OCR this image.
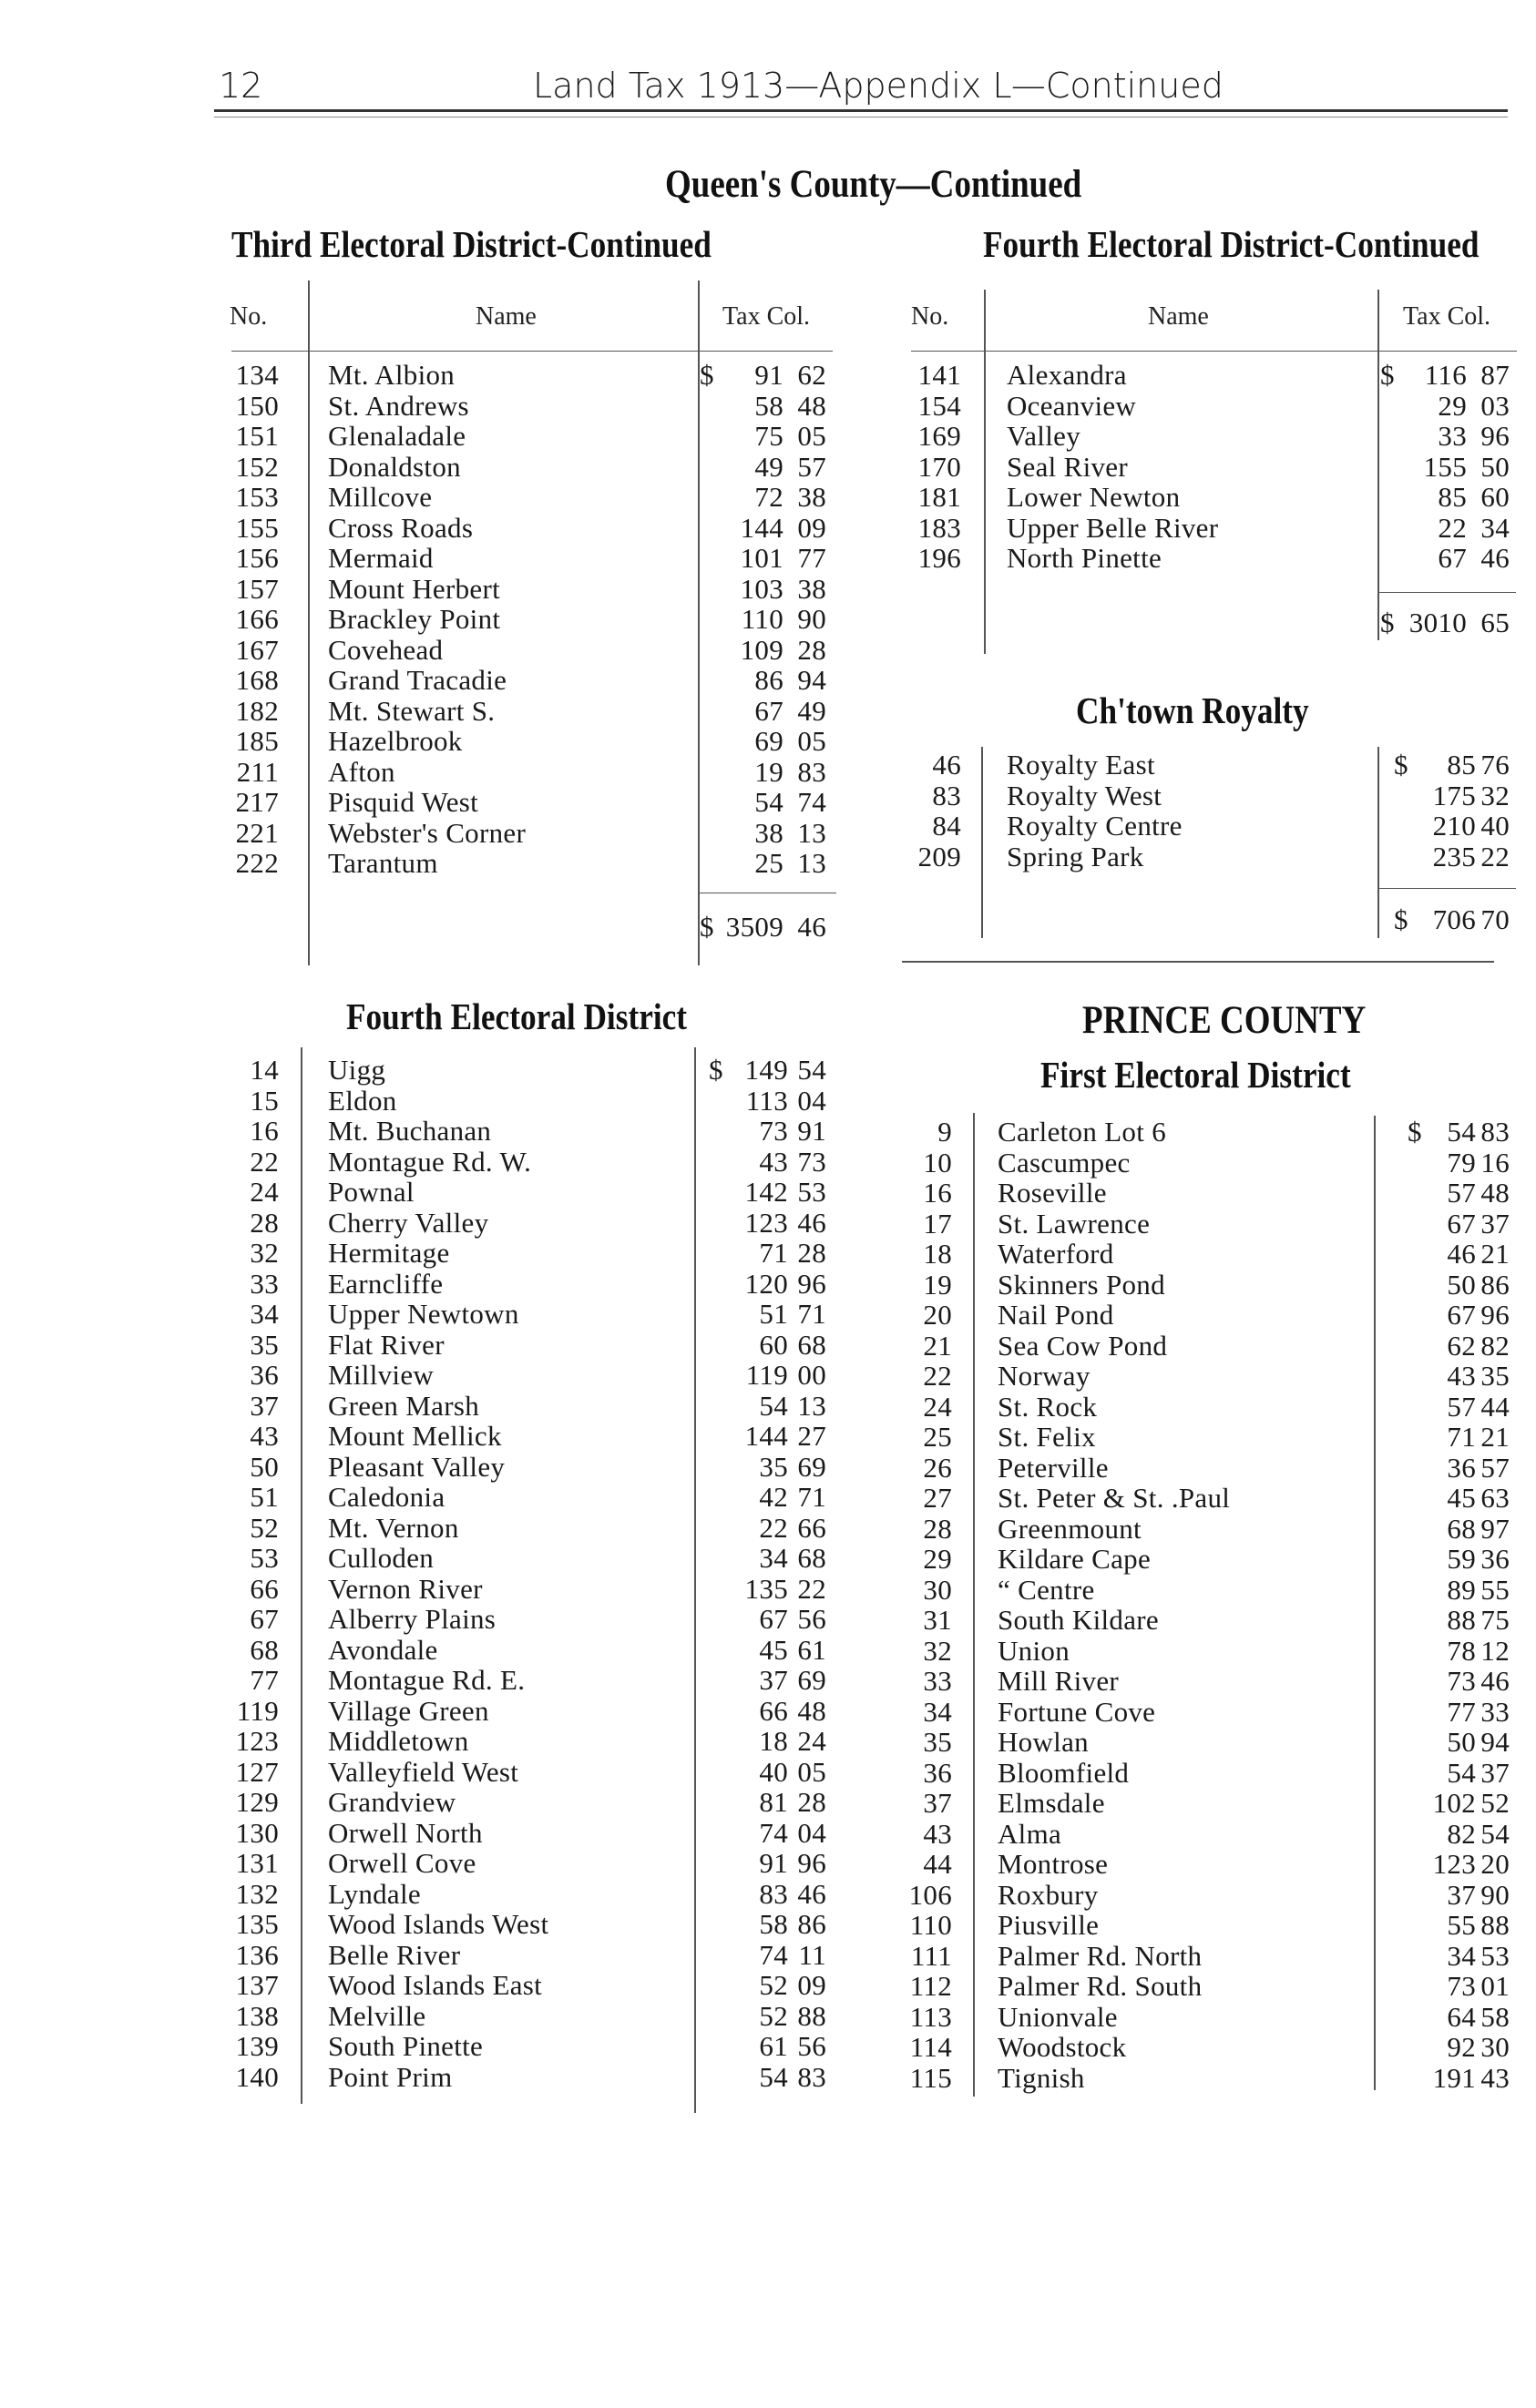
12	Land Tax 1913—Appendix L—Continued
Queen's County—Continued
Third Electoral District-Continued
No.	Name	Tax Col.
134 Mt. Albion	$	91 62
150 St. Andrews	58 48
151 Glenaladale	75 05
152 Donaldston	49 57
153 Millcove	72 38
155 Cross Roads	144 09
156 Mermaid	101 77
157 Mount Herbert	103 38
166 Brackley Point	110 90
167 Covehead	109 28
168 Grand Tracadie	86 94
182 Mt. Stewart S.	67 49
185 Hazelbrook	69 05
211 Afton	19 83
217 Pisquid West	54 74
221 Webster's Corner	38 13
222 Tarantum	25 13
$ 3509 46
Fourth Electoral District-Continued
No.	Name	Tax Col.
141 Alexandra	$	116 87
154 Oceanview	29 03
169 Valley	33 96
170 Seal River	155 50
181 Lower Newton	85 60
183 Upper Belle River	22 34
196 North Pinette	67 46
$ 3010 65
Ch'town Royalty
46 Royalty East	$	85 76
83 Royalty West	175 32
84 Royalty Centre	210 40
209 Spring Park	235 22
$ 706 70
Fourth Electoral District
14 Uigg	$ 149 54
15 Eldon	113 04
16 Mt. Buchanan	73 91
22 Montague Rd. W.	43 73
24 Pownal	142 53
28 Cherry Valley	123 46
32 Hermitage	71 28
33 Earncliffe	120 96
34 Upper Newtown	51 71
35 Flat River	60 68
36 Millview	119 00
37 Green Marsh	54 13
43 Mount Mellick	144 27
50 Pleasant Valley	35 69
51 Caledonia	42 71
52 Mt. Vernon	22 66
53 Culloden	34 68
66 Vernon River	135 22
67 Alberry Plains	67 56
68 Avondale	45 61
77 Montague Rd. E.	37 69
119 Village Green	66 48
123 Middletown	18 24
127 Valleyfield West	40 05
129 Grandview	81 28
130 Orwell North	74 04
131 Orwell Cove	91 96
132 Lyndale	83 46
135 Wood Islands West	58 86
136 Belle River	74 11
137 Wood Islands East	52 09
138 Melville	52 88
139 South Pinette	61 56
140 Point Prim	54 83
PRINCE COUNTY
First Electoral District
9 Carleton Lot 6	$ 54 83
10 Cascumpec	79 16
16 Roseville	57 48
17 St. Lawrence	67 37
18 Waterford	46 21
19 Skinners Pond	50 86
20 Nail Pond	67 96
21 Sea Cow Pond	62 82
22 Norway	43 35
24 St. Rock	57 44
25 St. Felix	71 21
26 Peterville	36 57
27 St. Peter & St. .Paul	45 63
28 Greenmount	68 97
29 Kildare Cape	59 36
30 “ Centre	89 55
31 South Kildare	88 75
32 Union	78 12
33 Mill River	73 46
34 Fortune Cove	77 33
35 Howlan	50 94
36 Bloomfield	54 37
37 Elmsdale	102 52
43 Alma	82 54
44 Montrose	123 20
106 Roxbury	37 90
110 Piusville	55 88
111 Palmer Rd. North	34 53
112 Palmer Rd. South	73 01
113 Unionvale	64 58
114 Woodstock	92 30
115 Tignish	191 43
